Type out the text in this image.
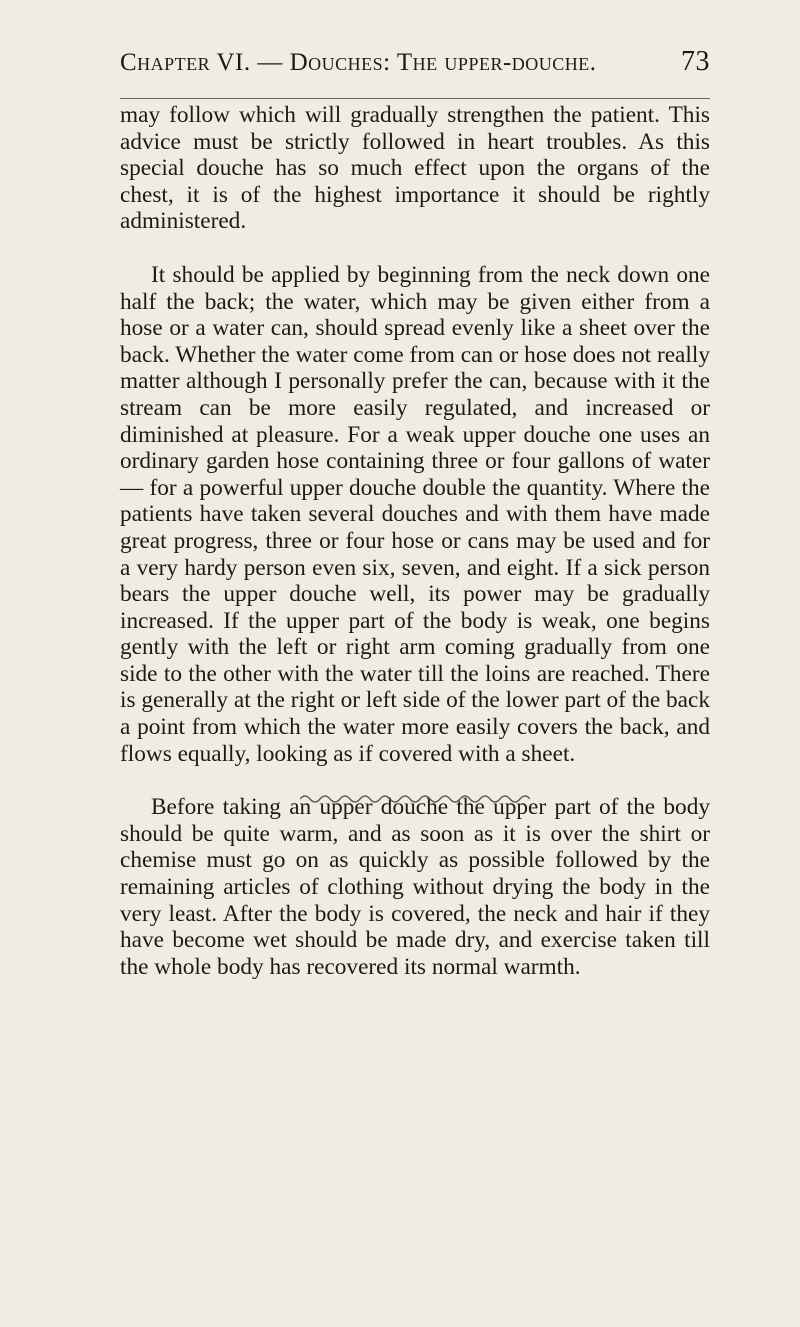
Chapter VI. — Douches: The upper-douche.	73

may follow which will gradually strengthen the patient. This advice must be strictly followed in heart troubles. As this special douche has so much effect upon the organs of the chest, it is of the highest importance it should be rightly administered.

It should be applied by beginning from the neck down one half the back; the water, which may be given either from a hose or a water can, should spread evenly like a sheet over the back. Whether the water come from can or hose does not really matter although I personally prefer the can, because with it the stream can be more easily regulated, and increased or diminished at pleasure. For a weak upper douche one uses an ordinary garden hose containing three or four gallons of water — for a powerful upper douche double the quantity. Where the patients have taken several douches and with them have made great progress, three or four hose or cans may be used and for a very hardy person even six, seven, and eight. If a sick person bears the upper douche well, its power may be gradually increased. If the upper part of the body is weak, one begins gently with the left or right arm coming gradually from one side to the other with the water till the loins are reached. There is generally at the right or left side of the lower part of the back a point from which the water more easily covers the back, and flows equally, looking as if covered with a sheet.

Before taking an upper douche the upper part of the body should be quite warm, and as soon as it is over the shirt or chemise must go on as quickly as possible followed by the remaining articles of clothing without drying the body in the very least. After the body is covered, the neck and hair if they have become wet should be made dry, and exercise taken till the whole body has recovered its normal warmth.
